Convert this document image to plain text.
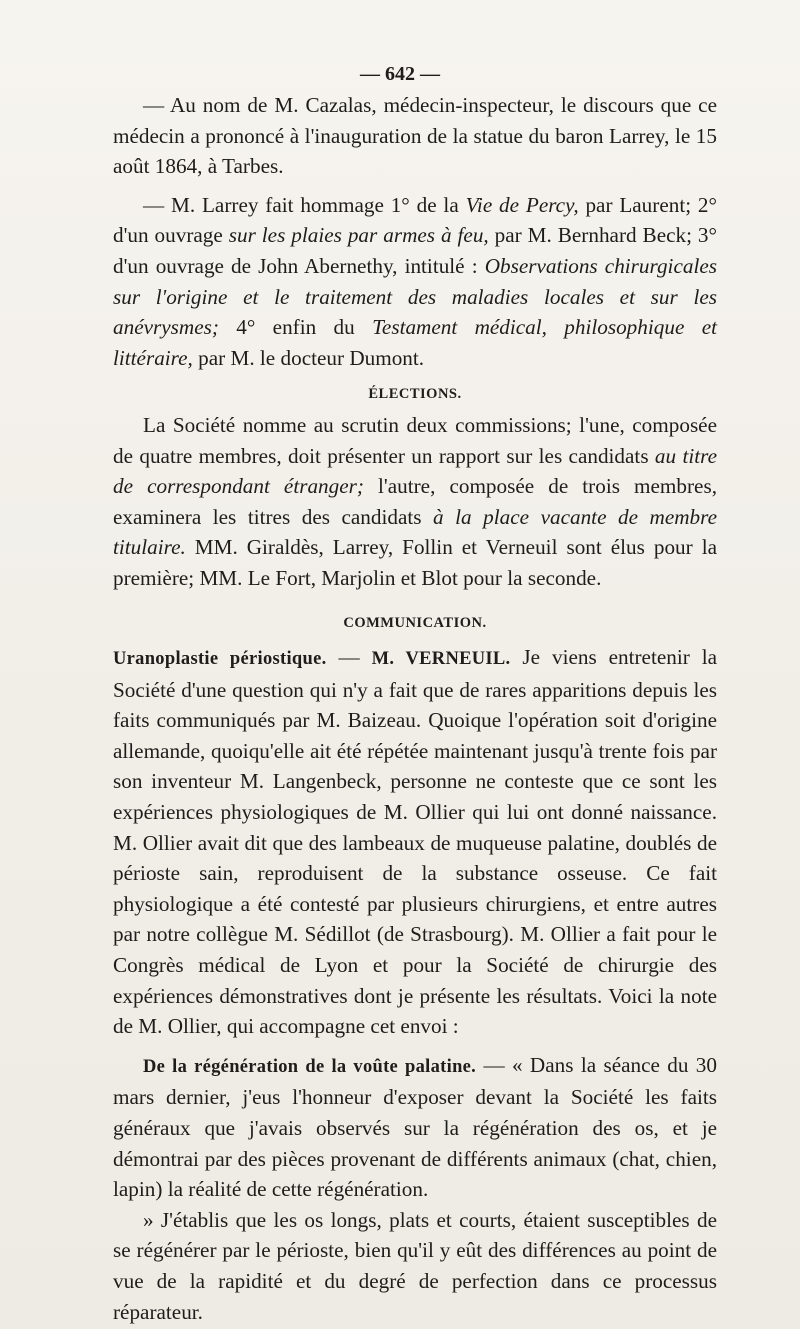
— 642 —

— Au nom de M. Cazalas, médecin-inspecteur, le discours que ce médecin a prononcé à l'inauguration de la statue du baron Larrey, le 15 août 1864, à Tarbes.

— M. Larrey fait hommage 1° de la Vie de Percy, par Laurent; 2° d'un ouvrage sur les plaies par armes à feu, par M. Bernhard Beck; 3° d'un ouvrage de John Abernethy, intitulé : Observations chirurgicales sur l'origine et le traitement des maladies locales et sur les anévrysmes; 4° enfin du Testament médical, philosophique et littéraire, par M. le docteur Dumont.

ÉLECTIONS.

La Société nomme au scrutin deux commissions; l'une, composée de quatre membres, doit présenter un rapport sur les candidats au titre de correspondant étranger; l'autre, composée de trois membres, examinera les titres des candidats à la place vacante de membre titulaire. MM. Giraldès, Larrey, Follin et Verneuil sont élus pour la première; MM. Le Fort, Marjolin et Blot pour la seconde.

COMMUNICATION.

Uranoplastie périostique. — M. VERNEUIL. Je viens entretenir la Société d'une question qui n'y a fait que de rares apparitions depuis les faits communiqués par M. Baizeau. Quoique l'opération soit d'origine allemande, quoiqu'elle ait été répétée maintenant jusqu'à trente fois par son inventeur M. Langenbeck, personne ne conteste que ce sont les expériences physiologiques de M. Ollier qui lui ont donné naissance. M. Ollier avait dit que des lambeaux de muqueuse palatine, doublés de périoste sain, reproduisent de la substance osseuse. Ce fait physiologique a été contesté par plusieurs chirurgiens, et entre autres par notre collègue M. Sédillot (de Strasbourg). M. Ollier a fait pour le Congrès médical de Lyon et pour la Société de chirurgie des expériences démonstratives dont je présente les résultats. Voici la note de M. Ollier, qui accompagne cet envoi :

De la régénération de la voûte palatine. — « Dans la séance du 30 mars dernier, j'eus l'honneur d'exposer devant la Société les faits généraux que j'avais observés sur la régénération des os, et je démontrai par des pièces provenant de différents animaux (chat, chien, lapin) la réalité de cette régénération.

» J'établis que les os longs, plats et courts, étaient susceptibles de se régénérer par le périoste, bien qu'il y eût des différences au point de vue de la rapidité et du degré de perfection dans ce processus réparateur.
